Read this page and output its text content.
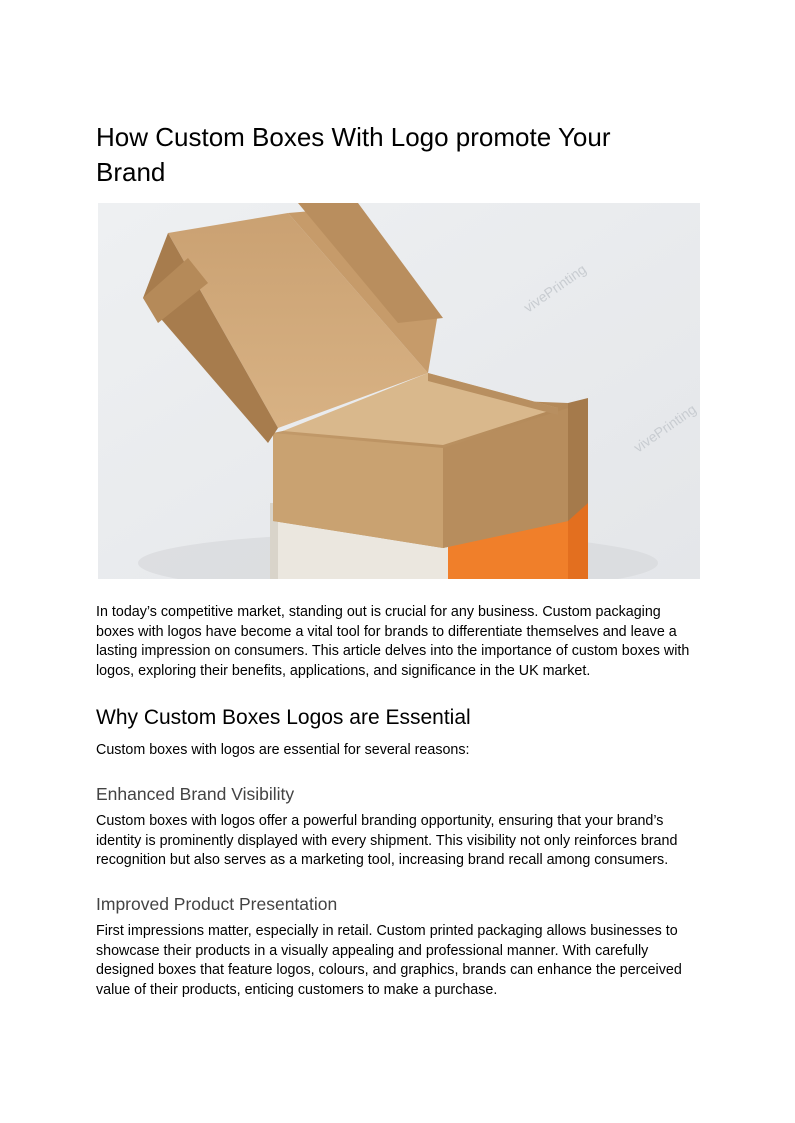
How Custom Boxes With Logo promote Your Brand
vivePrinting
vivePrinting

In today’s competitive market, standing out is crucial for any business. Custom packaging boxes with logos have become a vital tool for brands to differentiate themselves and leave a lasting impression on consumers. This article delves into the importance of custom boxes with logos, exploring their benefits, applications, and significance in the UK market.

Why Custom Boxes Logos are Essential

Custom boxes with logos are essential for several reasons:

Enhanced Brand Visibility

Custom boxes with logos offer a powerful branding opportunity, ensuring that your brand’s identity is prominently displayed with every shipment. This visibility not only reinforces brand recognition but also serves as a marketing tool, increasing brand recall among consumers.

Improved Product Presentation

First impressions matter, especially in retail. Custom printed packaging allows businesses to showcase their products in a visually appealing and professional manner. With carefully designed boxes that feature logos, colours, and graphics, brands can enhance the perceived value of their products, enticing customers to make a purchase.
